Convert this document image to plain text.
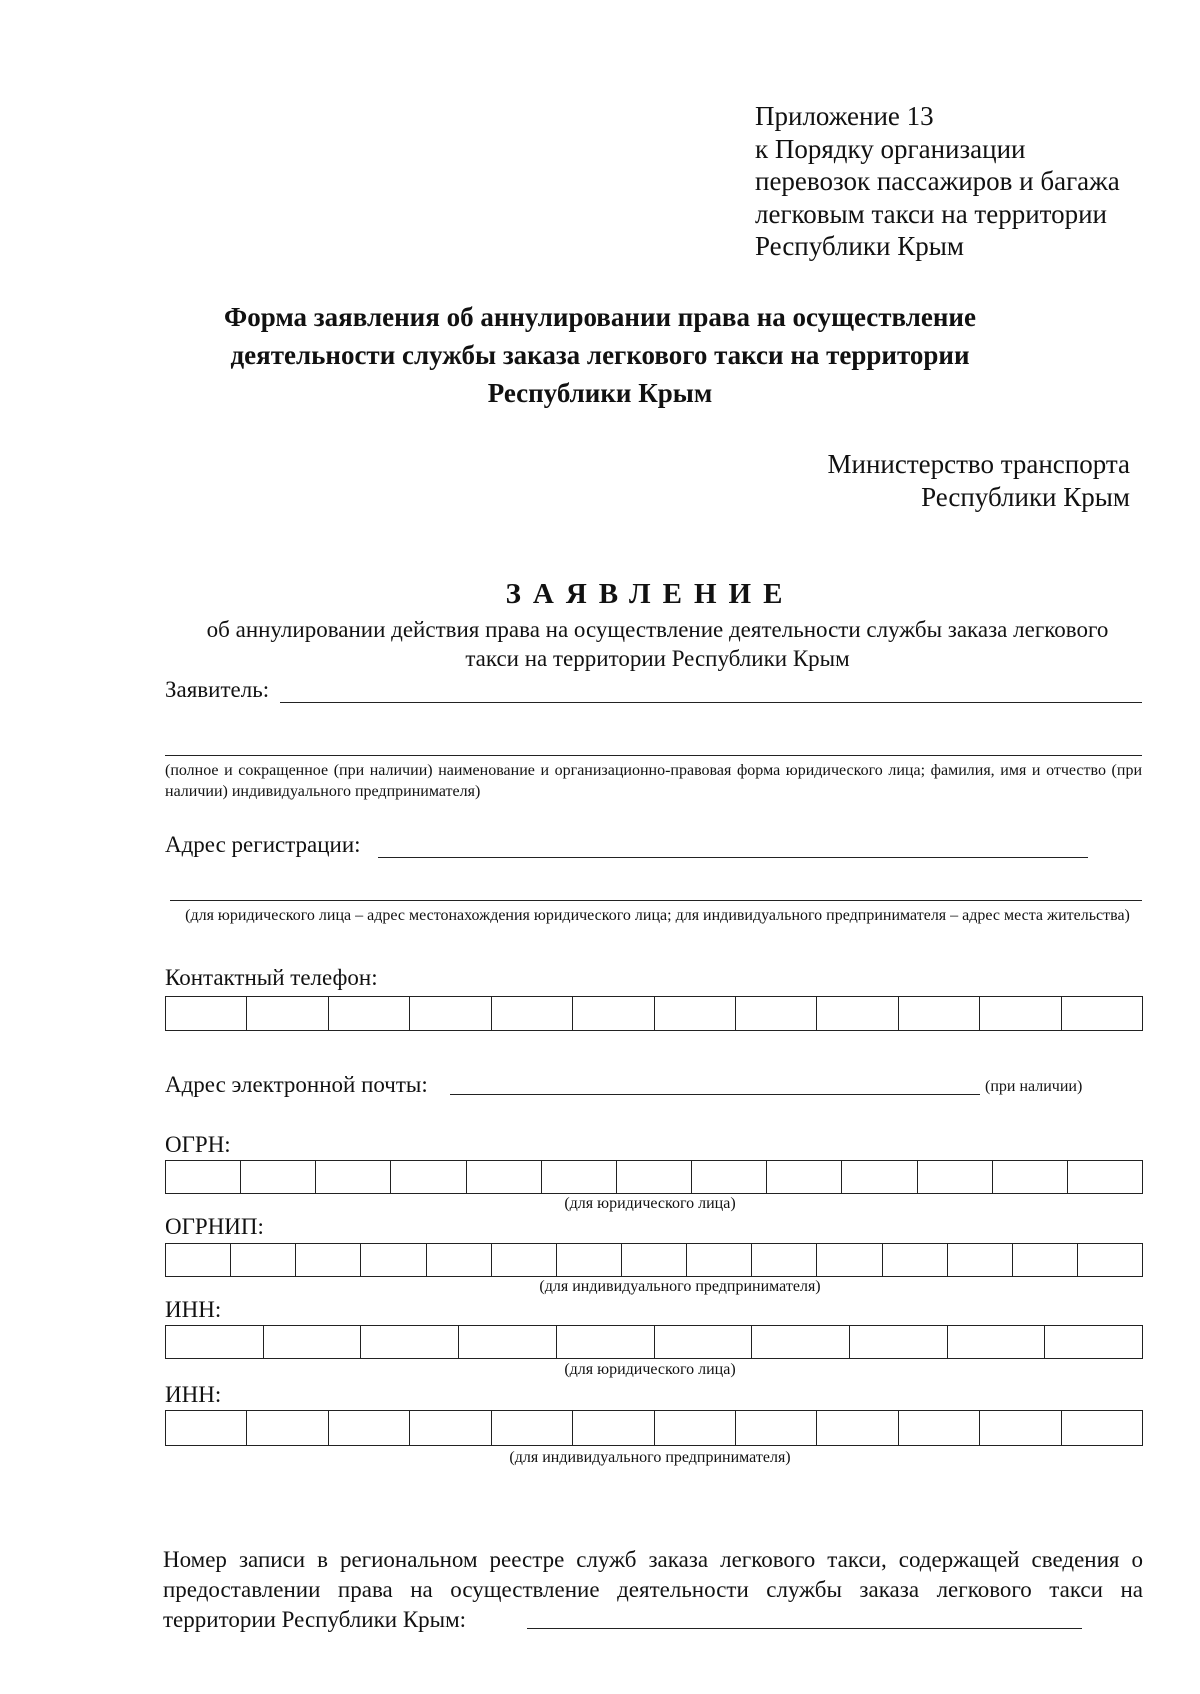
Приложение 13
к Порядку организации
перевозок пассажиров и багажа
легковым такси на территории
Республики Крым
Форма заявления об аннулировании права на осуществление
деятельности службы заказа легкового такси на территории
Республики Крым
Министерство транспорта
Республики Крым
ЗАЯВЛЕНИЕ
об аннулировании действия права на осуществление деятельности службы заказа легкового
такси на территории Республики Крым
Заявитель:
(полное и сокращенное (при наличии) наименование и организационно-правовая форма юридического лица; фамилия, имя и отчество (при наличии) индивидуального предпринимателя)
Адрес регистрации:
(для юридического лица – адрес местонахождения юридического лица; для индивидуального предпринимателя – адрес места жительства)
Контактный телефон:
Адрес электронной почты:	(при наличии)
ОГРН:
(для юридического лица)
ОГРНИП:
(для индивидуального предпринимателя)
ИНН:
(для юридического лица)
ИНН:
(для индивидуального предпринимателя)
Номер записи в региональном реестре служб заказа легкового такси, содержащей сведения о предоставлении права на осуществление деятельности службы заказа легкового такси на территории Республики Крым:
